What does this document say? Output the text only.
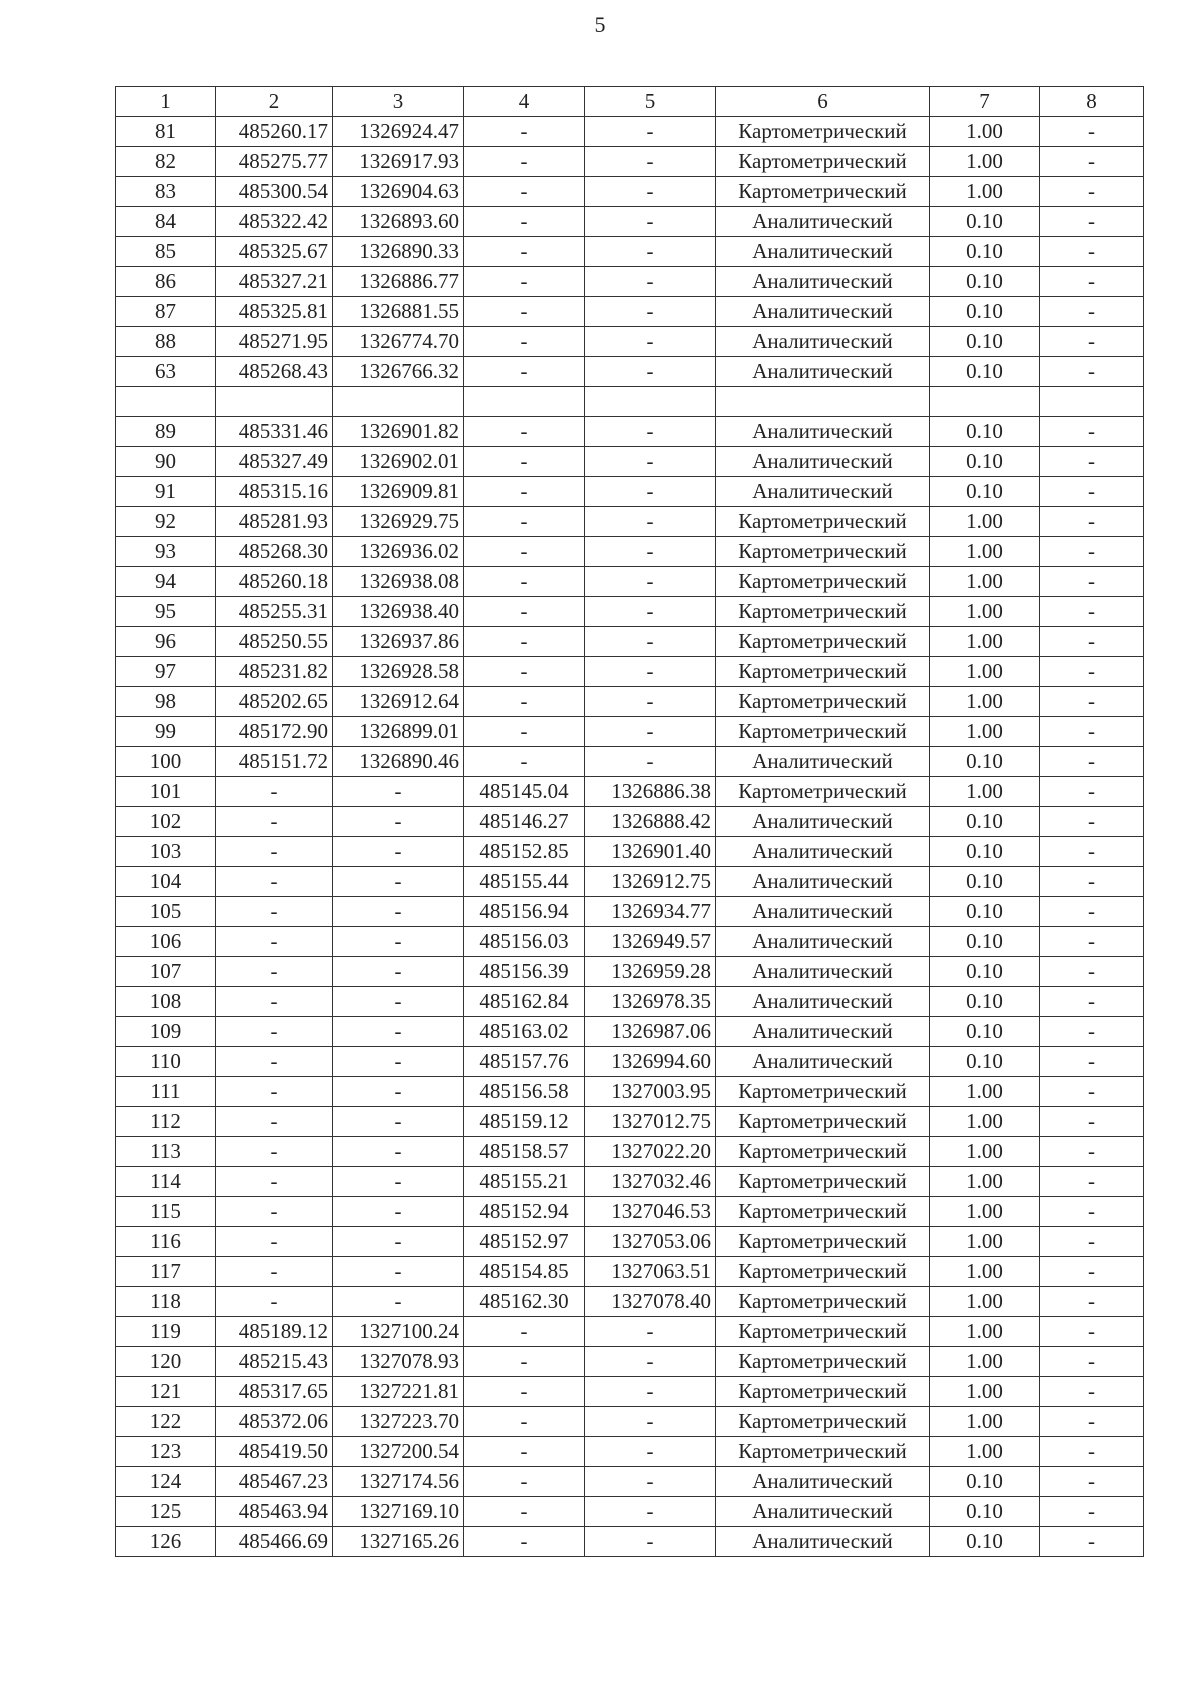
5
1	2	3	4	5	6	7	8
81	485260.17	1326924.47	-	-	Картометрический	1.00	-
82	485275.77	1326917.93	-	-	Картометрический	1.00	-
83	485300.54	1326904.63	-	-	Картометрический	1.00	-
84	485322.42	1326893.60	-	-	Аналитический	0.10	-
85	485325.67	1326890.33	-	-	Аналитический	0.10	-
86	485327.21	1326886.77	-	-	Аналитический	0.10	-
87	485325.81	1326881.55	-	-	Аналитический	0.10	-
88	485271.95	1326774.70	-	-	Аналитический	0.10	-
63	485268.43	1326766.32	-	-	Аналитический	0.10	-

89	485331.46	1326901.82	-	-	Аналитический	0.10	-
90	485327.49	1326902.01	-	-	Аналитический	0.10	-
91	485315.16	1326909.81	-	-	Аналитический	0.10	-
92	485281.93	1326929.75	-	-	Картометрический	1.00	-
93	485268.30	1326936.02	-	-	Картометрический	1.00	-
94	485260.18	1326938.08	-	-	Картометрический	1.00	-
95	485255.31	1326938.40	-	-	Картометрический	1.00	-
96	485250.55	1326937.86	-	-	Картометрический	1.00	-
97	485231.82	1326928.58	-	-	Картометрический	1.00	-
98	485202.65	1326912.64	-	-	Картометрический	1.00	-
99	485172.90	1326899.01	-	-	Картометрический	1.00	-
100	485151.72	1326890.46	-	-	Аналитический	0.10	-
101	-	-	485145.04	1326886.38	Картометрический	1.00	-
102	-	-	485146.27	1326888.42	Аналитический	0.10	-
103	-	-	485152.85	1326901.40	Аналитический	0.10	-
104	-	-	485155.44	1326912.75	Аналитический	0.10	-
105	-	-	485156.94	1326934.77	Аналитический	0.10	-
106	-	-	485156.03	1326949.57	Аналитический	0.10	-
107	-	-	485156.39	1326959.28	Аналитический	0.10	-
108	-	-	485162.84	1326978.35	Аналитический	0.10	-
109	-	-	485163.02	1326987.06	Аналитический	0.10	-
110	-	-	485157.76	1326994.60	Аналитический	0.10	-
111	-	-	485156.58	1327003.95	Картометрический	1.00	-
112	-	-	485159.12	1327012.75	Картометрический	1.00	-
113	-	-	485158.57	1327022.20	Картометрический	1.00	-
114	-	-	485155.21	1327032.46	Картометрический	1.00	-
115	-	-	485152.94	1327046.53	Картометрический	1.00	-
116	-	-	485152.97	1327053.06	Картометрический	1.00	-
117	-	-	485154.85	1327063.51	Картометрический	1.00	-
118	-	-	485162.30	1327078.40	Картометрический	1.00	-
119	485189.12	1327100.24	-	-	Картометрический	1.00	-
120	485215.43	1327078.93	-	-	Картометрический	1.00	-
121	485317.65	1327221.81	-	-	Картометрический	1.00	-
122	485372.06	1327223.70	-	-	Картометрический	1.00	-
123	485419.50	1327200.54	-	-	Картометрический	1.00	-
124	485467.23	1327174.56	-	-	Аналитический	0.10	-
125	485463.94	1327169.10	-	-	Аналитический	0.10	-
126	485466.69	1327165.26	-	-	Аналитический	0.10	-
